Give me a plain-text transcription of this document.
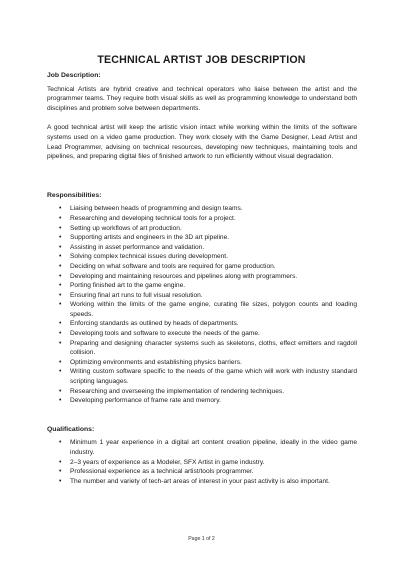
TECHNICAL ARTIST JOB DESCRIPTION

Job Description:

Technical Artists are hybrid creative and technical operators who liaise between the artist and the programmer teams. They require both visual skills as well as programming knowledge to understand both disciplines and problem solve between departments.

A good technical artist will keep the artistic vision intact while working within the limits of the software systems used on a video game production. They work closely with the Game Designer, Lead Artist and Lead Programmer, advising on technical resources, developing new techniques, maintaining tools and pipelines, and preparing digital files of finished artwork to run efficiently without visual degradation.

Responsibilities:

• Liaising between heads of programming and design teams.
• Researching and developing technical tools for a project.
• Setting up workflows of art production.
• Supporting artists and engineers in the 3D art pipeline.
• Assisting in asset performance and validation.
• Solving complex technical issues during development.
• Deciding on what software and tools are required for game production.
• Developing and maintaining resources and pipelines along with programmers.
• Porting finished art to the game engine.
• Ensuring final art runs to full visual resolution.
• Working within the limits of the game engine, curating file sizes, polygon counts and loading speeds.
• Enforcing standards as outlined by heads of departments.
• Developing tools and software to execute the needs of the game.
• Preparing and designing character systems such as skeletons, cloths, effect emitters and ragdoll collision.
• Optimizing environments and establishing physics barriers.
• Writing custom software specific to the needs of the game which will work with industry standard scripting languages.
• Researching and overseeing the implementation of rendering techniques.
• Developing performance of frame rate and memory.

Qualifications:

• Minimum 1 year experience in a digital art content creation pipeline, ideally in the video game industry.
• 2–3 years of experience as a Modeler, SFX Artist in game industry.
• Professional experience as a technical artist/tools programmer.
• The number and variety of tech-art areas of interest in your past activity is also important.
Page 1 of 2
